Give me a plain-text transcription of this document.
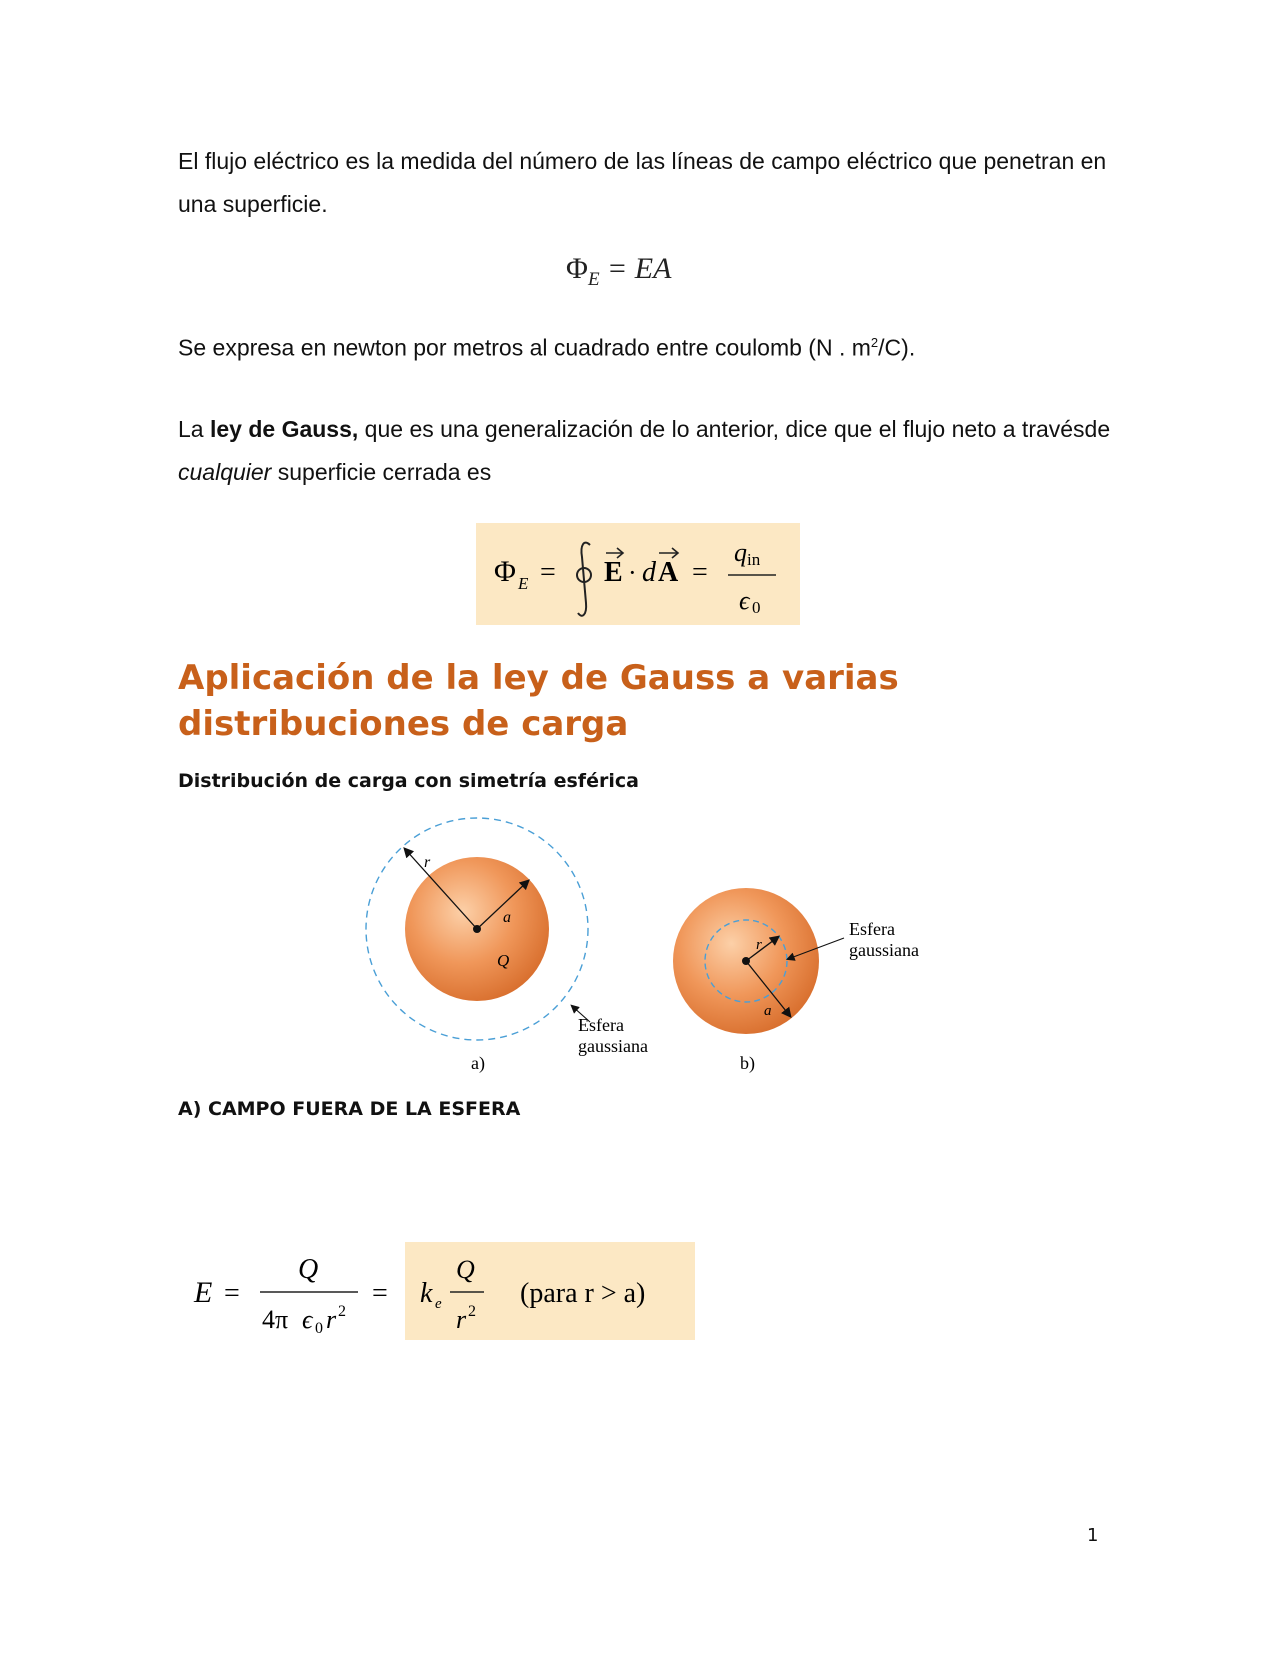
El flujo eléctrico es la medida del número de las líneas de campo eléctrico que penetran en una superficie.

$\Phi_E$ = EA

Se expresa en newton por metros al cuadrado entre coulomb (N . $m^2/C$).

La ley de Gauss, que es una generalización de lo anterior, dice que el flujo neto a travésde cualquier superficie cerrada es

Φ E = E · d A =
q in
ϵ 0
Aplicación de la ley de Gauss a varias distribuciones de carga

Distribución de carga con simetría esférica

r
a
Q
Esfera
gaussiana
a)
r
a
Esfera
gaussiana
b)

A) CAMPO FUERA DE LA ESFERA

E =
Q
4π ϵ 0 r 2
= k e
Q
r 2
(para r > a)
1
